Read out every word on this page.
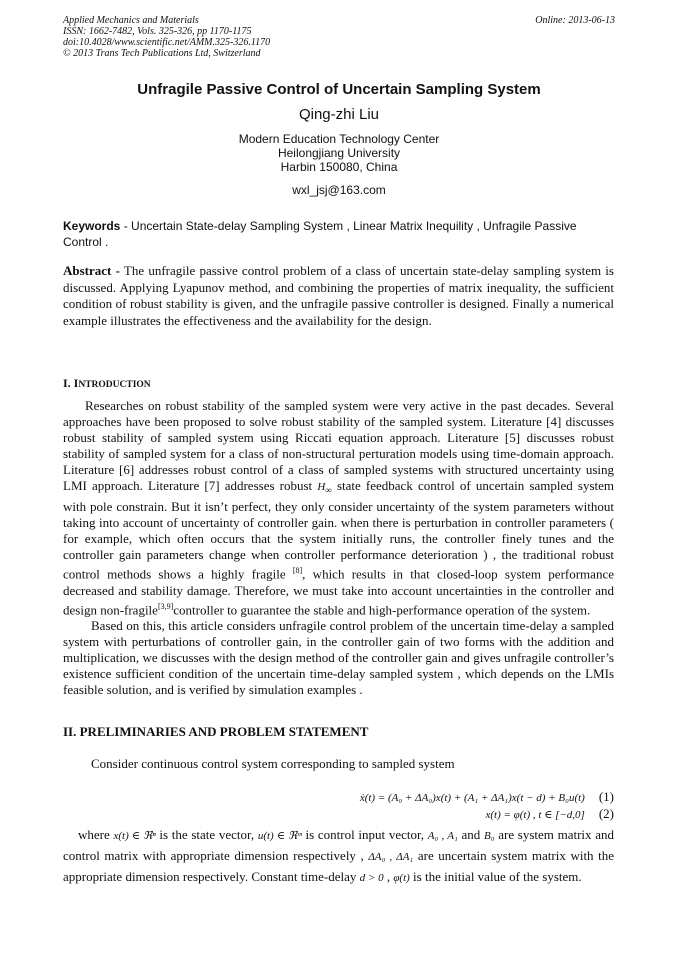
Applied Mechanics and Materials
ISSN: 1662-7482, Vols. 325-326, pp 1170-1175
doi:10.4028/www.scientific.net/AMM.325-326.1170
© 2013 Trans Tech Publications Ltd, Switzerland
Online: 2013-06-13
Unfragile Passive Control of Uncertain Sampling System
Qing-zhi Liu
Modern Education Technology Center
Heilongjiang University
Harbin 150080, China
wxl_jsj@163.com
Keywords - Uncertain State-delay Sampling System , Linear Matrix Inequility , Unfragile Passive Control .
Abstract - The unfragile passive control problem of a class of uncertain state-delay sampling system is discussed. Applying Lyapunov method, and combining the properties of matrix inequality, the sufficient condition of robust stability is given, and the unfragile passive controller is designed. Finally a numerical example illustrates the effectiveness and the availability for the design.
I. INTRODUCTION

Researches on robust stability of the sampled system were very active in the past decades. Several approaches have been proposed to solve robust stability of the sampled system. Literature [4] discusses robust stability of sampled system using Riccati equation approach. Literature [5] discusses robust stability of sampled system for a class of non-structural perturation models using time-domain approach. Literature [6] addresses robust control of a class of sampled systems with structured uncertainty using LMI approach. Literature [7] addresses robust $H_\infty$ state feedback control of uncertain sampled system with pole constrain. But it isn’t perfect, they only consider uncertainty of the system parameters without taking into account of uncertainty of controller gain. when there is perturbation in controller parameters ( for example, which often occurs that the system initially runs, the controller finely tunes and the controller gain parameters change when controller performance deterioration ) , the traditional robust control methods shows a highly fragile [8], which results in that closed-loop system performance decreased and stability damage. Therefore, we must take into account uncertainties in the controller and design non-fragile[3,9]controller to guarantee the stable and high-performance operation of the system.

Based on this, this article considers unfragile control problem of the uncertain time-delay a sampled system with perturbations of controller gain, in the controller gain of two forms with the addition and multiplication, we discusses with the design method of the controller gain and gives unfragile controller’s existence sufficient condition of the uncertain time-delay sampled system , which depends on the LMIs feasible solution, and is verified by simulation examples .

II. PRELIMINARIES AND PROBLEM STATEMENT
Consider continuous control system corresponding to sampled system
ẋ(t) = (A₀ + ΔA₀)x(t) + (A₁ + ΔA₁)x(t − d) + B₀u(t) (1)
x(t) = φ(t) , t ∈ [−d,0] (2)
where x(t) ∈ ℜⁿ is the state vector, u(t) ∈ ℜᵐ is control input vector, A₀ , A₁ and B₀ are system matrix and control matrix with appropriate dimension respectively , ΔA₀ , ΔA₁ are uncertain system matrix with the appropriate dimension respectively. Constant time-delay d > 0 , φ(t) is the initial value of the system.
